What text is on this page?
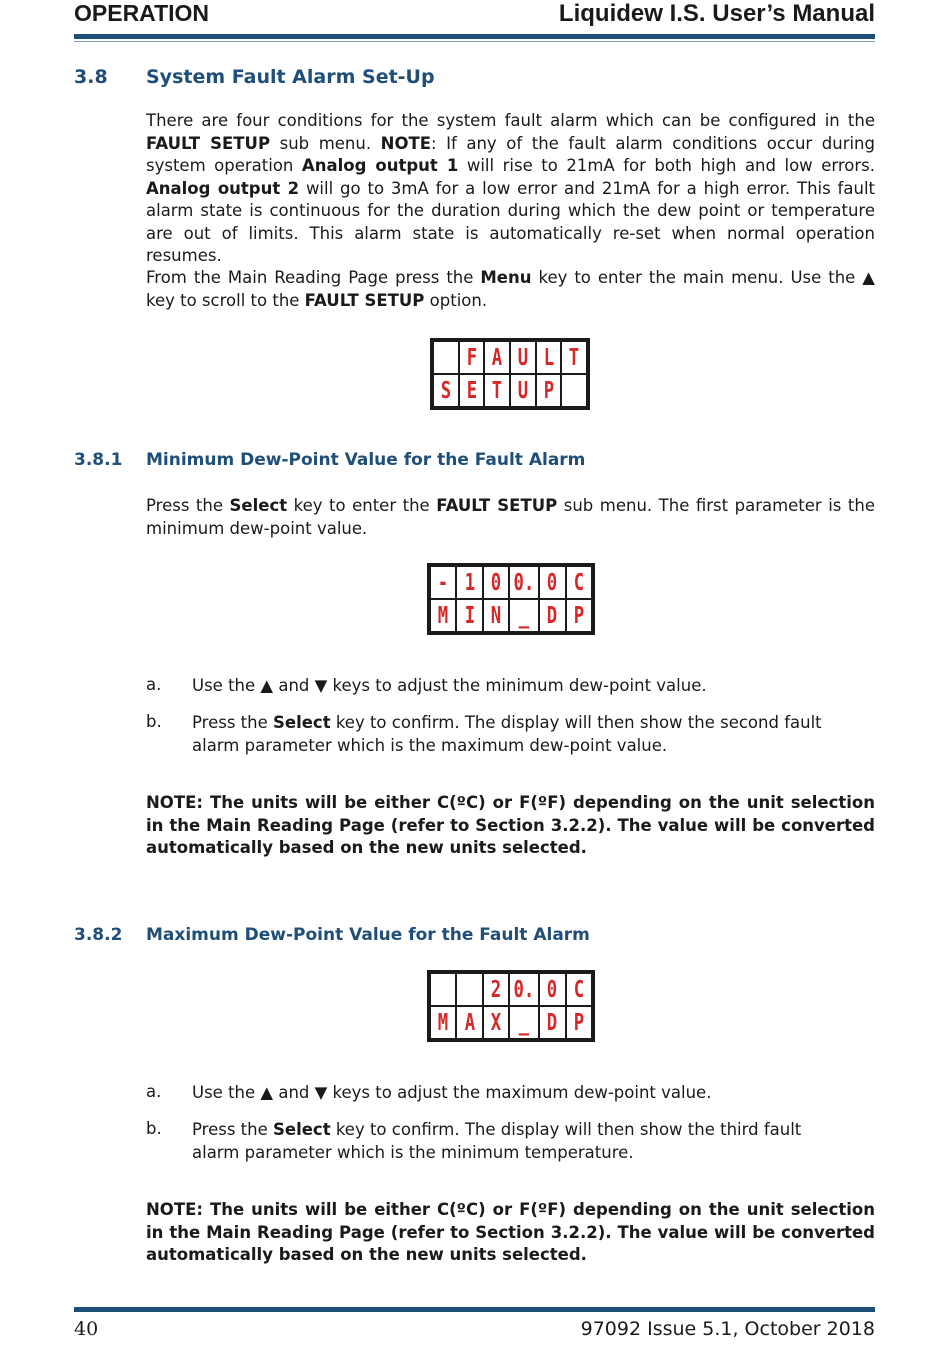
OPERATION	Liquidew I.S. User’s Manual
3.8 System Fault Alarm Set-Up

There are four conditions for the system fault alarm which can be configured in the FAULT SETUP sub menu. NOTE: If any of the fault alarm conditions occur during system operation Analog output 1 will rise to 21mA for both high and low errors. Analog output 2 will go to 3mA for a low error and 21mA for a high error. This fault alarm state is continuous for the duration during which the dew point or temperature are out of limits. This alarm state is automatically re-set when normal operation resumes.

From the Main Reading Page press the Menu key to enter the main menu. Use the ▲ key to scroll to the FAULT SETUP option.

F A U L T
S E T U P
3.8.1 Minimum Dew-Point Value for the Fault Alarm

Press the Select key to enter the FAULT SETUP sub menu. The first parameter is the minimum dew-point value.

- 1 0 0. 0 C
M I N _ D P
a. Use the ▲ and ▼ keys to adjust the minimum dew-point value.
b. Press the Select key to confirm. The display will then show the second fault alarm parameter which is the maximum dew-point value.
NOTE: The units will be either C(ºC) or F(ºF) depending on the unit selection in the Main Reading Page (refer to Section 3.2.2). The value will be converted automatically based on the new units selected.
3.8.2 Maximum Dew-Point Value for the Fault Alarm
2 0. 0 C
M A X _ D P
a. Use the ▲ and ▼ keys to adjust the maximum dew-point value.
b. Press the Select key to confirm. The display will then show the third fault alarm parameter which is the minimum temperature.
NOTE: The units will be either C(ºC) or F(ºF) depending on the unit selection in the Main Reading Page (refer to Section 3.2.2). The value will be converted automatically based on the new units selected.
40	97092 Issue 5.1, October 2018
